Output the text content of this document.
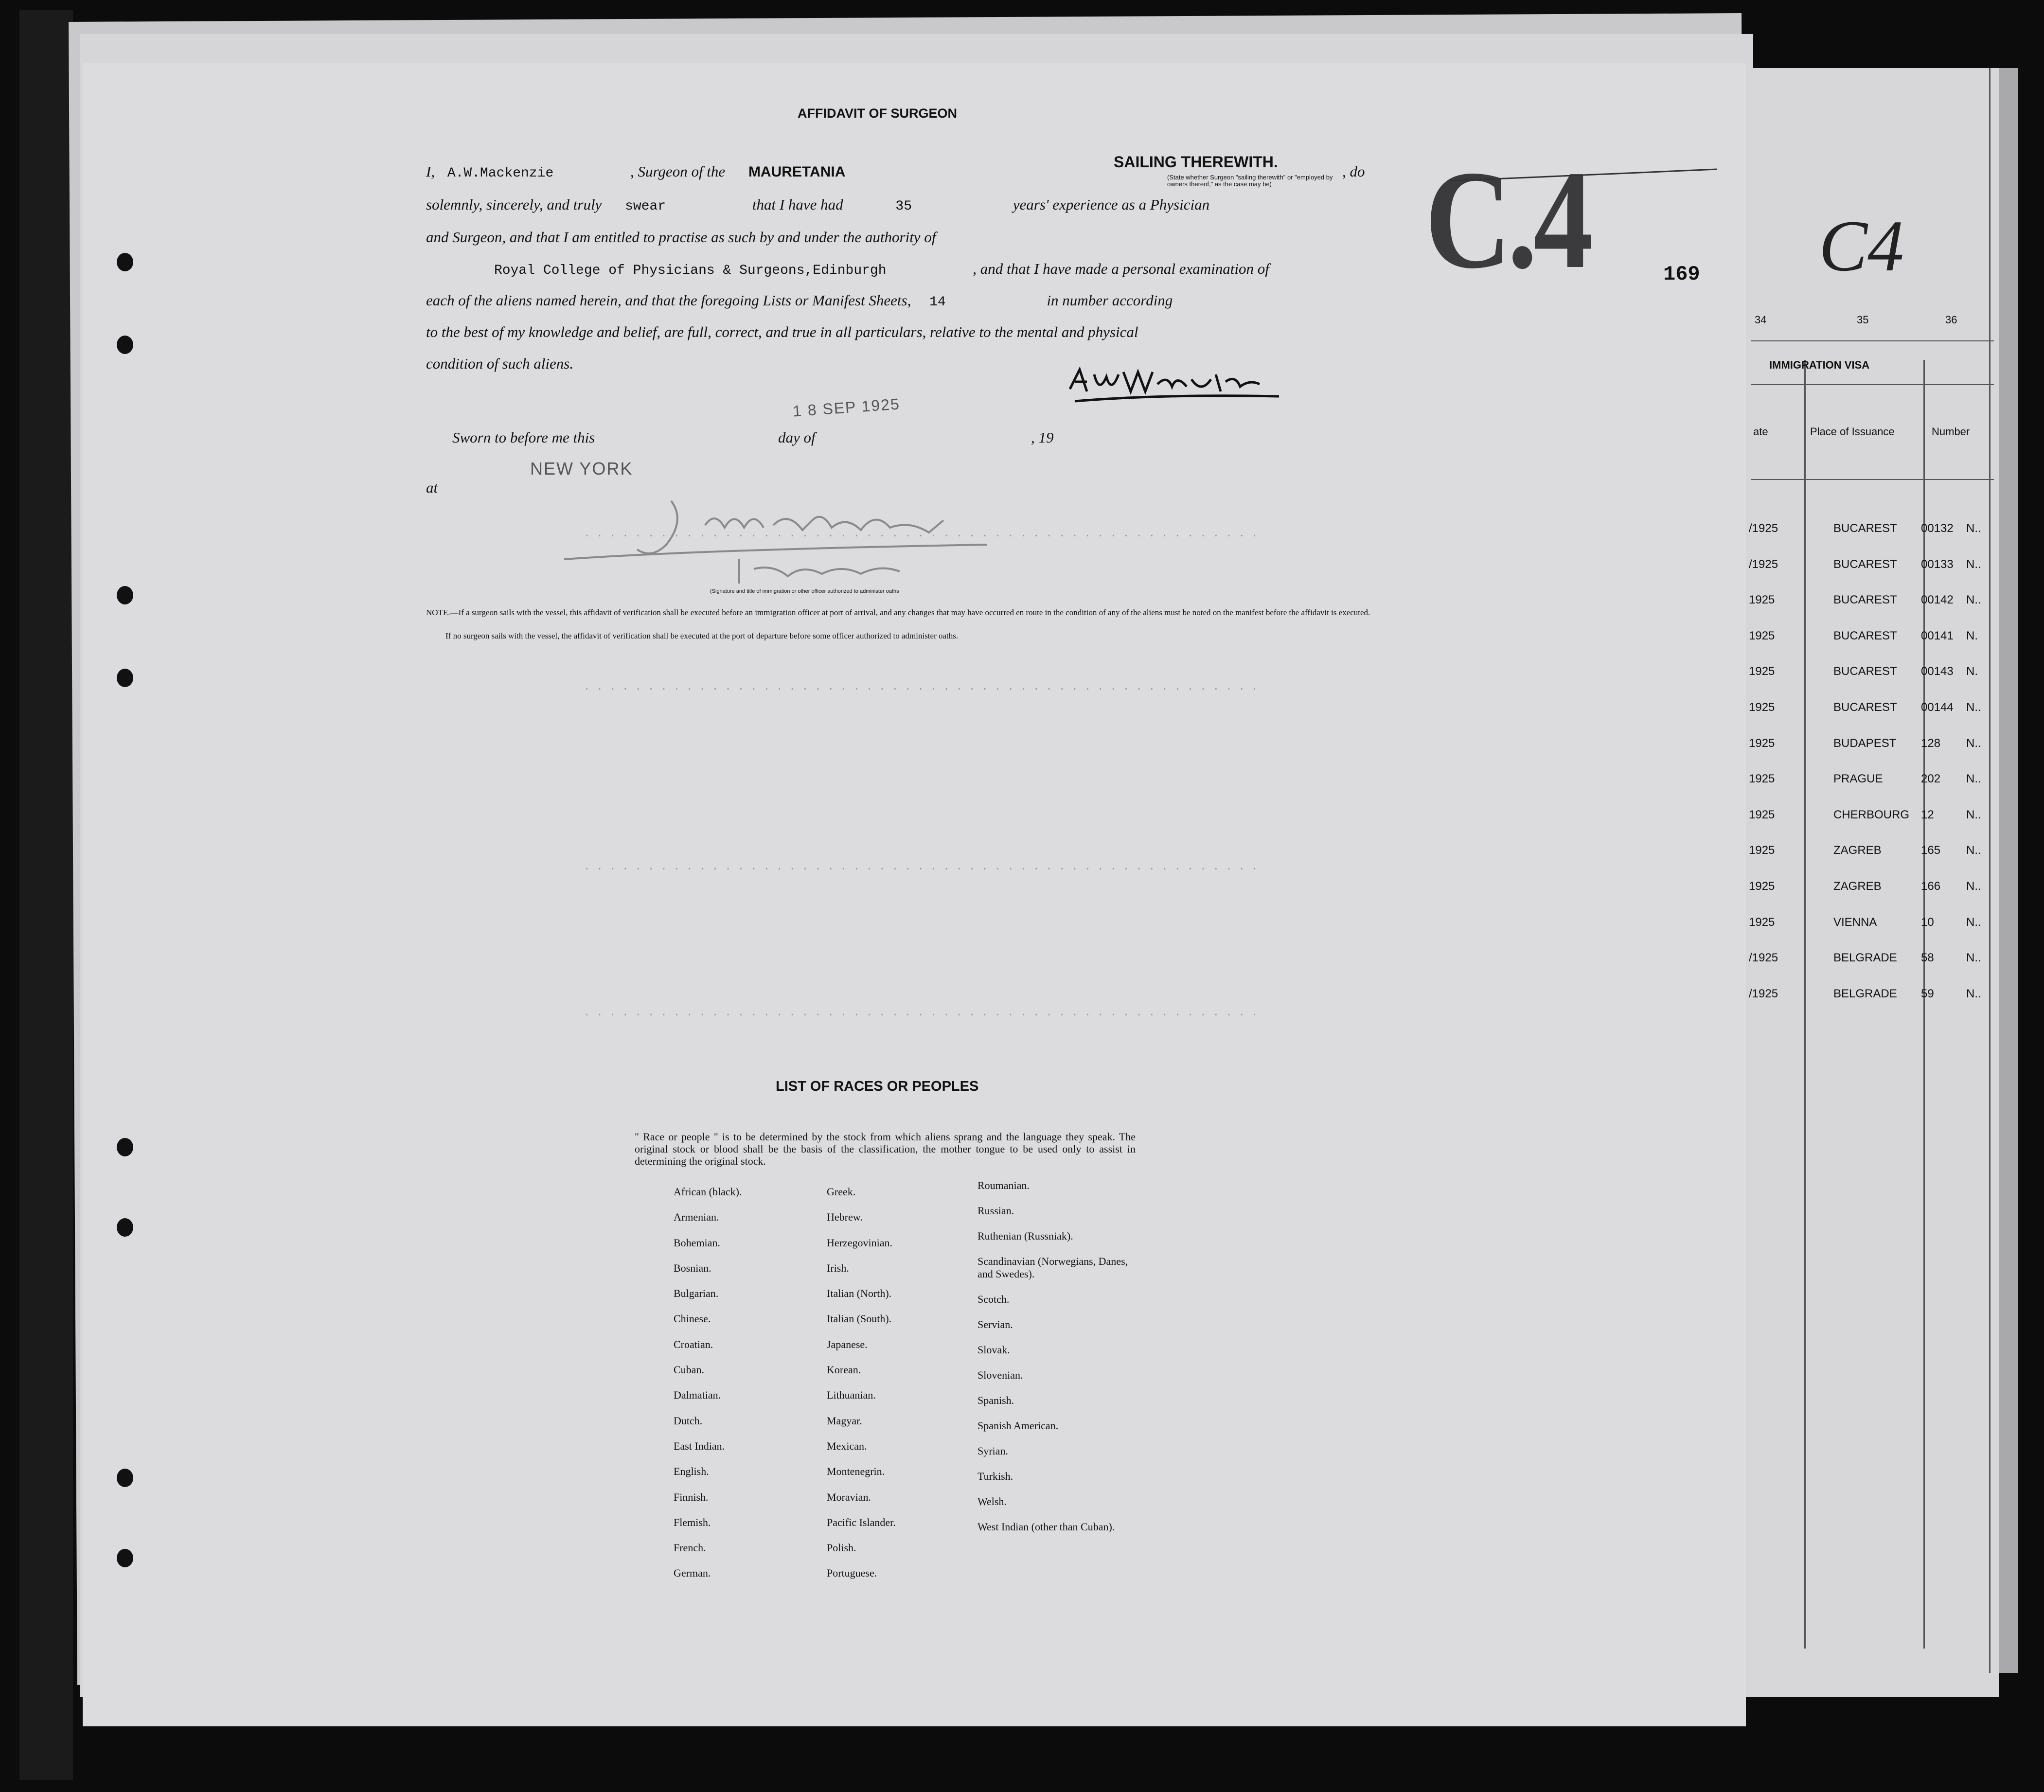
. . . . . . . . . . . . . . . . . . . . . . . . . . . . . . . . . . . . . . . . . . . . . . . . . . . . .
. . . . . . . . . . . . . . . . . . . . . . . . . . . . . . . . . . . . . . . . . . . . . . . . . . . . .
. . . . . . . . . . . . . . . . . . . . . . . . . . . . . . . . . . . . . . . . . . . . . . . . . . . . .
. . . . . . . . . . . . . . . . . . . . . . . . . . . . . . . . . . . . . . . . . . . . . . . . . . . . .
AFFIDAVIT OF SURGEON
I, A.W.Mackenzie	, Surgeon of the MAURETANIA
SAILING THEREWITH.
(State whether Surgeon "sailing therewith" or "employed by owners thereof," as the case may be)
, do
solemnly, sincerely, and truly swear	that I have had	35	years' experience as a Physician
and Surgeon, and that I am entitled to practise as such by and under the authority of
Royal College of Physicians & Surgeons,Edinburgh	, and that I have made a personal examination of
each of the aliens named herein, and that the foregoing Lists or Manifest Sheets, 14	in number according
to the best of my knowledge and belief, are full, correct, and true in all particulars, relative to the mental and physical
condition of such aliens.
Sworn to before me this
1 8 SEP 1925
day of	, 19
NEW YORK
at
(Signature and title of immigration or other officer authorized to administer oaths
NOTE.—If a surgeon sails with the vessel, this affidavit of verification shall be executed before an immigration officer at port of arrival, and any changes that may have occurred en route in the condition of any of the aliens must be noted on the manifest before the affidavit is executed.
If no surgeon sails with the vessel, the affidavit of verification shall be executed at the port of departure before some officer authorized to administer oaths.
C.4	169 C4
LIST OF RACES OR PEOPLES
" Race or people " is to be determined by the stock from which aliens sprang and the language they speak. The original stock or blood shall be the basis of the classification, the mother tongue to be used only to assist in determining the original stock.
African (black).
Armenian.
Bohemian.
Bosnian.
Bulgarian.
Chinese.
Croatian.
Cuban.
Dalmatian.
Dutch.
East Indian.
English.
Finnish.
Flemish.
French.
German.
Greek.
Hebrew.
Herzegovinian.
Irish.
Italian (North).
Italian (South).
Japanese.
Korean.
Lithuanian.
Magyar.
Mexican.
Montenegrin.
Moravian.
Pacific Islander.
Polish.
Portuguese.
Roumanian.
Russian.
Ruthenian (Russniak).
Scandinavian (Norwegians, Danes, and Swedes).
Scotch.
Servian.
Slovak.
Slovenian.
Spanish.
Spanish American.
Syrian.
Turkish.
Welsh.
West Indian (other than Cuban).
34	35	36
IMMIGRATION VISA
ate	Place of Issuance	Number
/1925	BUCAREST 00132 N..
/1925	BUCAREST 00133 N..
1925	BUCAREST 00142 N..
1925	BUCAREST 00141 N.
1925	BUCAREST 00143 N.
1925	BUCAREST 00144 N..
1925	BUDAPEST 128 N..
1925	PRAGUE	202 N..
1925	CHERBOURG 12	N..
1925	ZAGREB	165 N..
1925	ZAGREB	166 N..
1925	VIENNA	10	N..
/1925	BELGRADE 58	N..
/1925	BELGRADE 59	N..
